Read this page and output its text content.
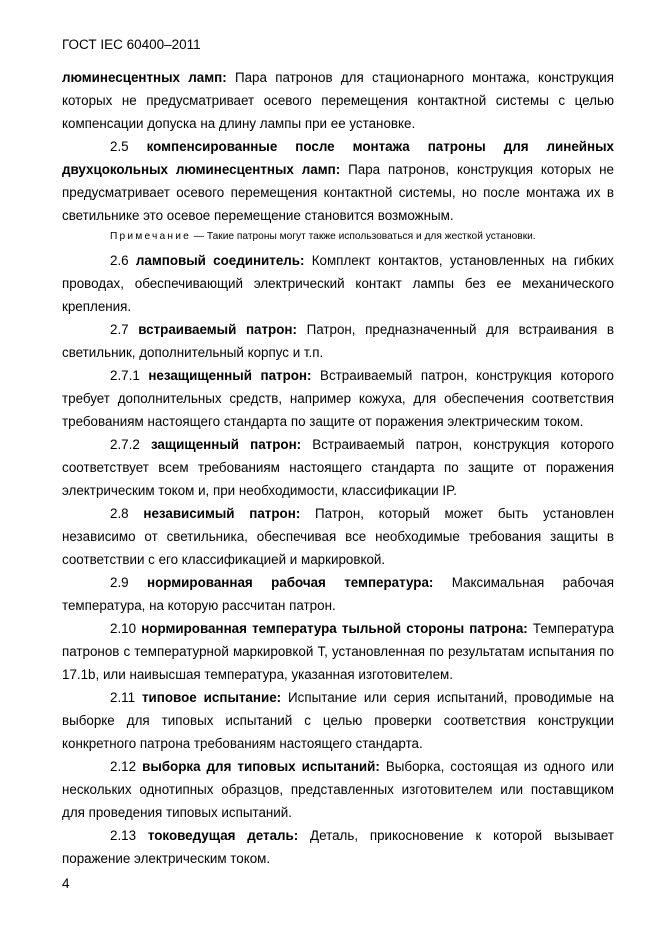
ГОСТ IEC 60400–2011

люминесцентных ламп: Пара патронов для стационарного монтажа, конструкция которых не предусматривает осевого перемещения контактной системы с целью компенсации допуска на длину лампы при ее установке.

2.5 компенсированные после монтажа патроны для линейных двухцокольных люминесцентных ламп: Пара патронов, конструкция которых не предусматривает осевого перемещения контактной системы, но после монтажа их в светильнике это осевое перемещение становится возможным.

Примечание — Такие патроны могут также использоваться и для жесткой установки.

2.6 ламповый соединитель: Комплект контактов, установленных на гибких проводах, обеспечивающий электрический контакт лампы без ее механического крепления.

2.7 встраиваемый патрон: Патрон, предназначенный для встраивания в светильник, дополнительный корпус и т.п.

2.7.1 незащищенный патрон: Встраиваемый патрон, конструкция которого требует дополнительных средств, например кожуха, для обеспечения соответствия требованиям настоящего стандарта по защите от поражения электрическим током.

2.7.2 защищенный патрон: Встраиваемый патрон, конструкция которого соответствует всем требованиям настоящего стандарта по защите от поражения электрическим током и, при необходимости, классификации IP.

2.8 независимый патрон: Патрон, который может быть установлен независимо от светильника, обеспечивая все необходимые требования защиты в соответствии с его классификацией и маркировкой.

2.9 нормированная рабочая температура: Максимальная рабочая температура, на которую рассчитан патрон.

2.10 нормированная температура тыльной стороны патрона: Температура патронов с температурной маркировкой T, установленная по результатам испытания по 17.1b, или наивысшая температура, указанная изготовителем.

2.11 типовое испытание: Испытание или серия испытаний, проводимые на выборке для типовых испытаний с целью проверки соответствия конструкции конкретного патрона требованиям настоящего стандарта.

2.12 выборка для типовых испытаний: Выборка, состоящая из одного или нескольких однотипных образцов, представленных изготовителем или поставщиком для проведения типовых испытаний.

2.13 токоведущая деталь: Деталь, прикосновение к которой вызывает поражение электрическим током.

4
